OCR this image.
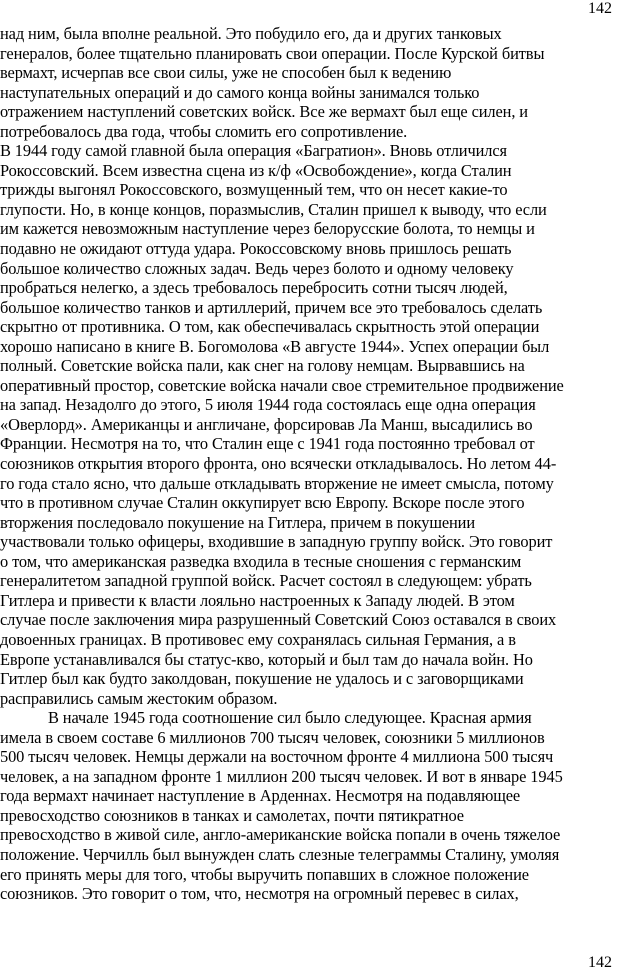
142
над ним, была вполне реальной. Это побудило его, да и других танковых
генералов, более тщательно планировать свои операции. После Курской битвы
вермахт, исчерпав все свои силы, уже не способен был к ведению
наступательных операций и до самого конца войны занимался только
отражением наступлений советских войск. Все же вермахт был еще силен, и
потребовалось два года, чтобы сломить его сопротивление.
В 1944 году самой главной была операция «Багратион». Вновь отличился
Рокоссовский. Всем известна сцена из к/ф «Освобождение», когда Сталин
трижды выгонял Рокоссовского, возмущенный тем, что он несет какие-то
глупости. Но, в конце концов, поразмыслив, Сталин пришел к выводу, что если
им кажется невозможным наступление через белорусские болота, то немцы и
подавно не ожидают оттуда удара. Рокоссовскому вновь пришлось решать
большое количество сложных задач. Ведь через болото и одному человеку
пробраться нелегко, а здесь требовалось перебросить сотни тысяч людей,
большое количество танков и артиллерий, причем все это требовалось сделать
скрытно от противника. О том, как обеспечивалась скрытность этой операции
хорошо написано в книге В. Богомолова «В августе 1944». Успех операции был
полный. Советские войска пали, как снег на голову немцам. Вырвавшись на
оперативный простор, советские войска начали свое стремительное продвижение
на запад. Незадолго до этого, 5 июля 1944 года состоялась еще одна операция
«Оверлорд». Американцы и англичане, форсировав Ла Манш, высадились во
Франции. Несмотря на то, что Сталин еще с 1941 года постоянно требовал от
союзников открытия второго фронта, оно всячески откладывалось. Но летом 44-
го года стало ясно, что дальше откладывать вторжение не имеет смысла, потому
что в противном случае Сталин оккупирует всю Европу. Вскоре после этого
вторжения последовало покушение на Гитлера, причем в покушении
участвовали только офицеры, входившие в западную группу войск. Это говорит
о том, что американская разведка входила в тесные сношения с германским
генералитетом западной группой войск. Расчет состоял в следующем: убрать
Гитлера и привести к власти лояльно настроенных к Западу людей. В этом
случае после заключения мира разрушенный Советский Союз оставался в своих
довоенных границах. В противовес ему сохранялась сильная Германия, а в
Европе устанавливался бы статус-кво, который и был там до начала войн. Но
Гитлер был как будто заколдован, покушение не удалось и с заговорщиками
расправились самым жестоким образом.
В начале 1945 года соотношение сил было следующее. Красная армия
имела в своем составе 6 миллионов 700 тысяч человек, союзники 5 миллионов
500 тысяч человек. Немцы держали на восточном фронте 4 миллиона 500 тысяч
человек, а на западном фронте 1 миллион 200 тысяч человек. И вот в январе 1945
года вермахт начинает наступление в Арденнах. Несмотря на подавляющее
превосходство союзников в танках и самолетах, почти пятикратное
превосходство в живой силе, англо-американские войска попали в очень тяжелое
положение. Черчилль был вынужден слать слезные телеграммы Сталину, умоляя
его принять меры для того, чтобы выручить попавших в сложное положение
союзников. Это говорит о том, что, несмотря на огромный перевес в силах,
142
